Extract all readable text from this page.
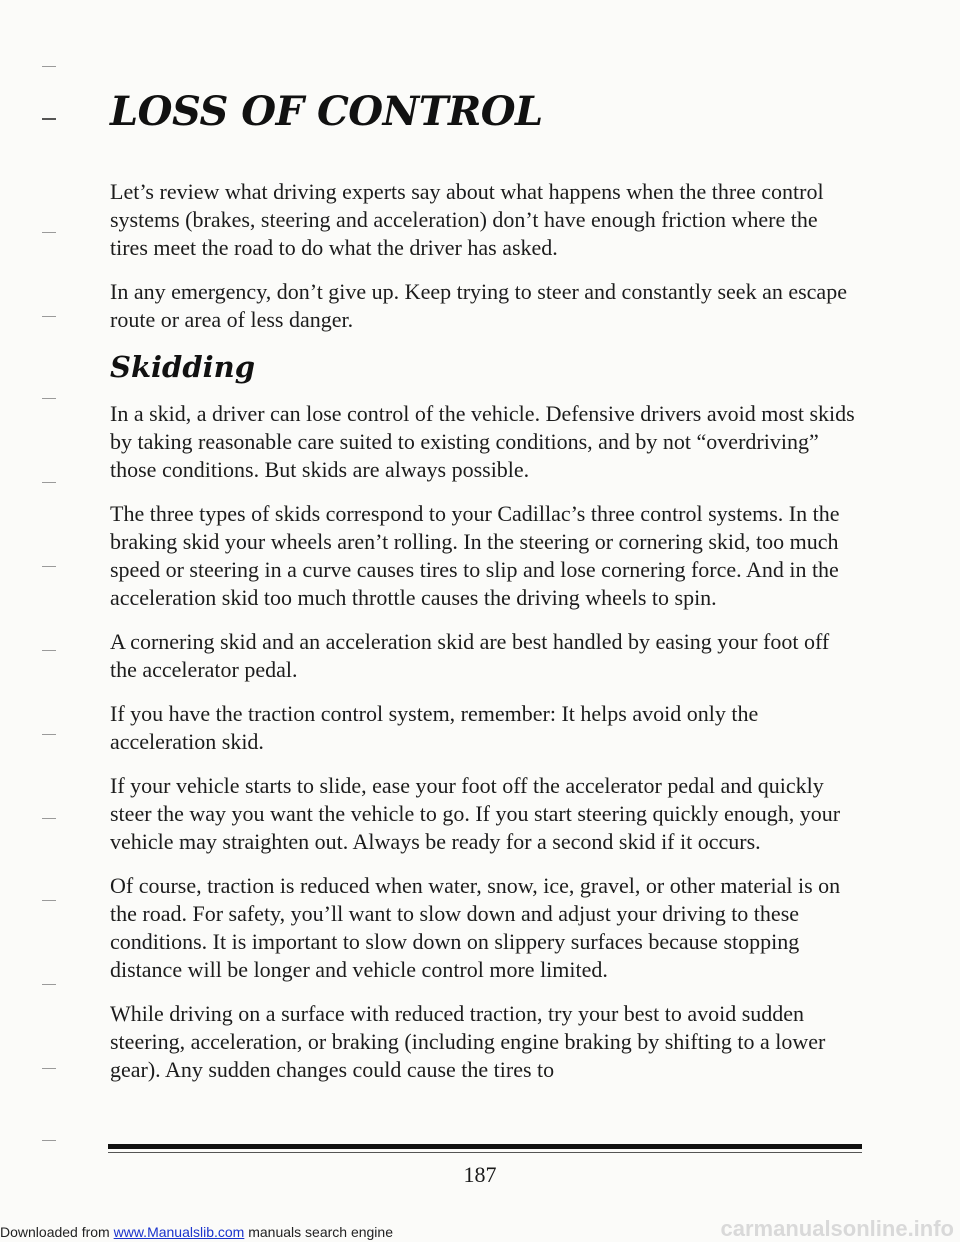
LOSS OF CONTROL

Let’s review what driving experts say about what happens when the three control systems (brakes, steering and acceleration) don’t have enough friction where the tires meet the road to do what the driver has asked.

In any emergency, don’t give up. Keep trying to steer and constantly seek an escape route or area of less danger.

Skidding

In a skid, a driver can lose control of the vehicle. Defensive drivers avoid most skids by taking reasonable care suited to existing conditions, and by not “overdriving” those conditions. But skids are always possible.

The three types of skids correspond to your Cadillac’s three control systems. In the braking skid your wheels aren’t rolling. In the steering or cornering skid, too much speed or steering in a curve causes tires to slip and lose cornering force. And in the acceleration skid too much throttle causes the driving wheels to spin.

A cornering skid and an acceleration skid are best handled by easing your foot off the accelerator pedal.

If you have the traction control system, remember: It helps avoid only the acceleration skid.

If your vehicle starts to slide, ease your foot off the accelerator pedal and quickly steer the way you want the vehicle to go. If you start steering quickly enough, your vehicle may straighten out. Always be ready for a second skid if it occurs.

Of course, traction is reduced when water, snow, ice, gravel, or other material is on the road. For safety, you’ll want to slow down and adjust your driving to these conditions. It is important to slow down on slippery surfaces because stopping distance will be longer and vehicle control more limited.

While driving on a surface with reduced traction, try your best to avoid sudden steering, acceleration, or braking (including engine braking by shifting to a lower gear). Any sudden changes could cause the tires to

187
Downloaded from www.Manualslib.com manuals search engine	carmanualsonline.info
